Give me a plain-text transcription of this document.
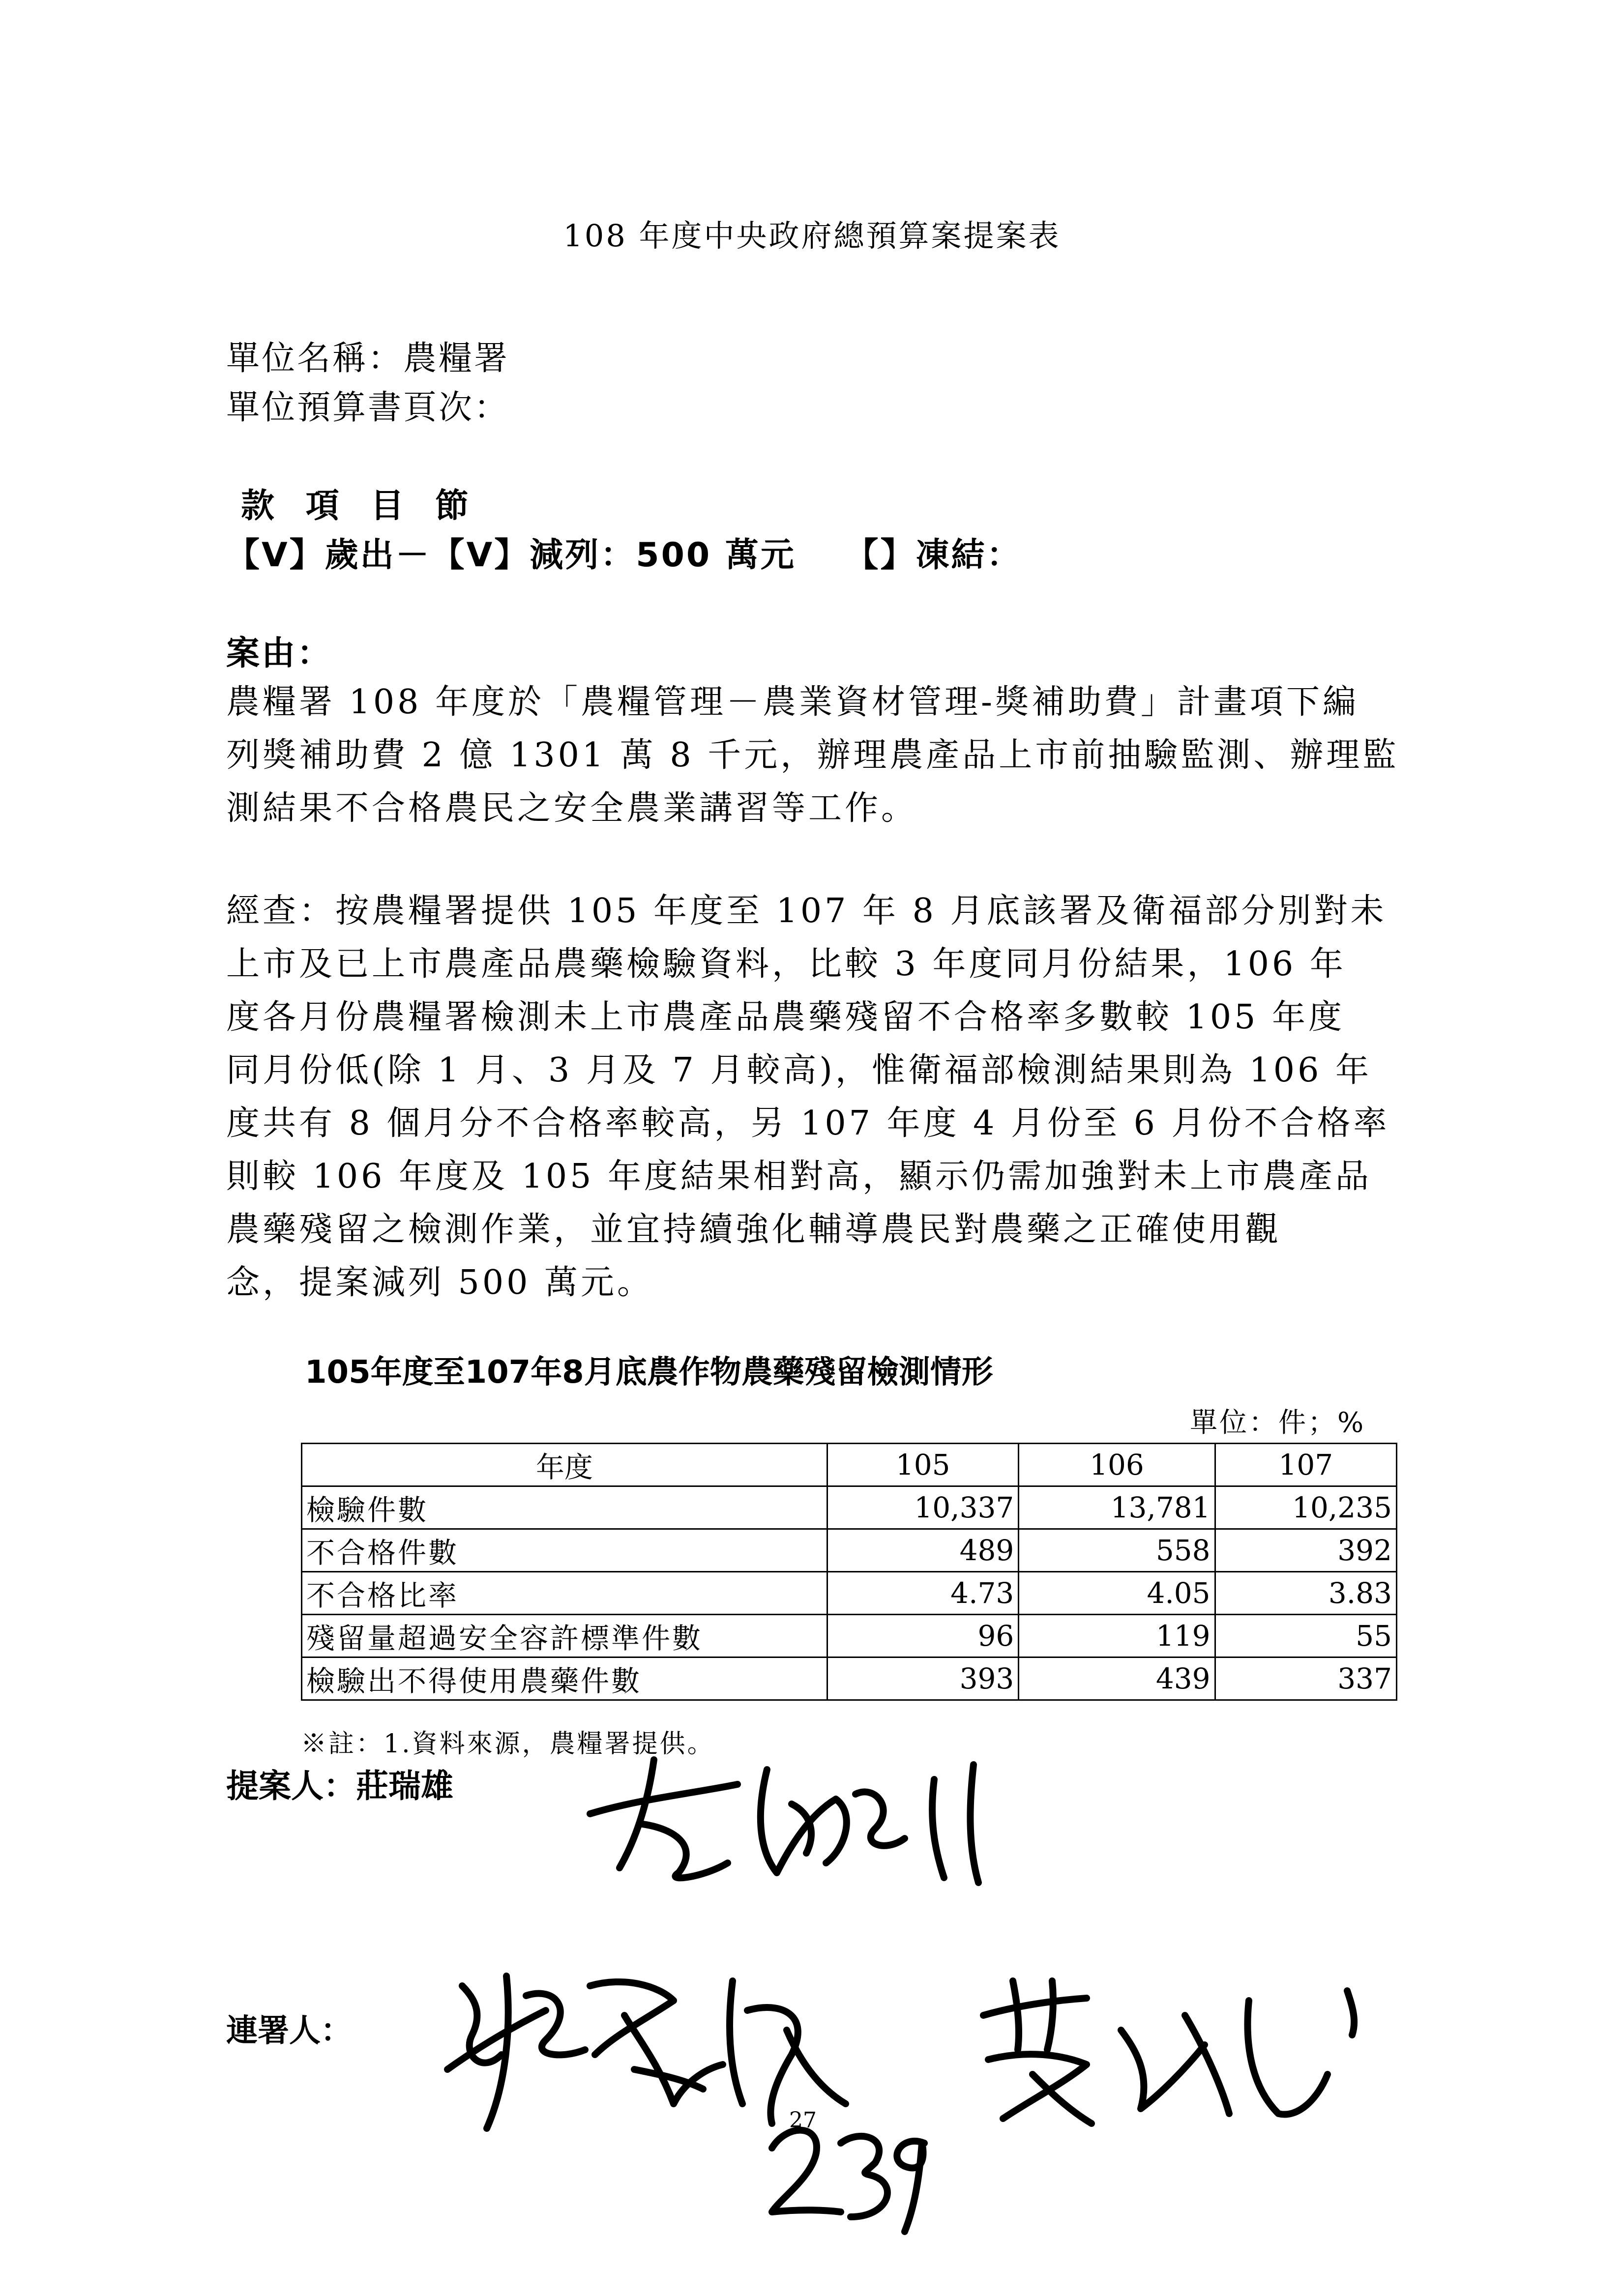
108 年度中央政府總預算案提案表
單位名稱：農糧署
單位預算書頁次：
款 項 目 節
【V】歲出－【V】減列：500 萬元　 【】凍結：
案由：
農糧署 108 年度於「農糧管理－農業資材管理-獎補助費」計畫項下編
列獎補助費 2 億 1301 萬 8 千元，辦理農產品上市前抽驗監測、辦理監
測結果不合格農民之安全農業講習等工作。
經查：按農糧署提供 105 年度至 107 年 8 月底該署及衛福部分別對未
上市及已上市農產品農藥檢驗資料，比較 3 年度同月份結果，106 年
度各月份農糧署檢測未上市農產品農藥殘留不合格率多數較 105 年度
同月份低(除 1 月、3 月及 7 月較高)，惟衛福部檢測結果則為 106 年
度共有 8 個月分不合格率較高，另 107 年度 4 月份至 6 月份不合格率
則較 106 年度及 105 年度結果相對高，顯示仍需加強對未上市農產品
農藥殘留之檢測作業，並宜持續強化輔導農民對農藥之正確使用觀
念，提案減列 500 萬元。
105年度至107年8月底農作物農藥殘留檢測情形
單位：件；%
年度	105	106	107
檢驗件數	10,337	13,781	10,235
不合格件數	489	558	392
不合格比率	4.73	4.05	3.83
殘留量超過安全容許標準件數	96	119	55
檢驗出不得使用農藥件數	393	439	337
※註：1.資料來源，農糧署提供。
提案人：莊瑞雄
連署人：
27
